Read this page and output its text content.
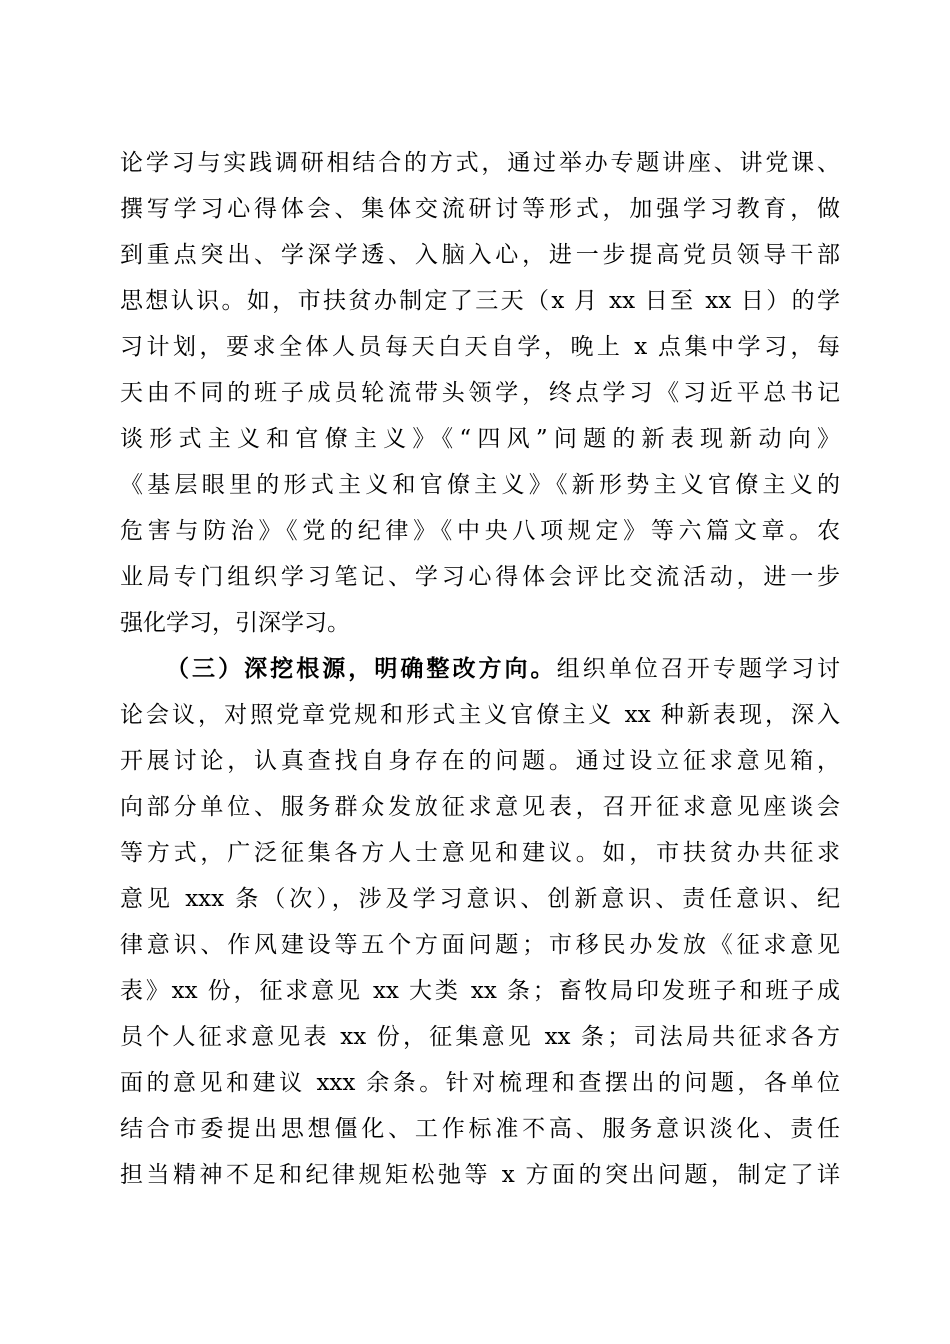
论学习与实践调研相结合的方式，通过举办专题讲座、讲党课、
撰写学习心得体会、集体交流研讨等形式，加强学习教育，做
到重点突出、学深学透、入脑入心，进一步提高党员领导干部
思想认识。如，市扶贫办制定了三天（x 月 xx 日至 xx 日）的学
习计划，要求全体人员每天白天自学，晚上 x 点集中学习，每
天由不同的班子成员轮流带头领学，终点学习《习近平总书记
谈形式主义和官僚主义》《“四风”问题的新表现新动向》
《基层眼里的形式主义和官僚主义》《新形势主义官僚主义的
危害与防治》《党的纪律》《中央八项规定》等六篇文章。农
业局专门组织学习笔记、学习心得体会评比交流活动，进一步
强化学习，引深学习。
（三）深挖根源，明确整改方向。组织单位召开专题学习讨
论会议，对照党章党规和形式主义官僚主义 xx 种新表现，深入
开展讨论，认真查找自身存在的问题。通过设立征求意见箱，
向部分单位、服务群众发放征求意见表，召开征求意见座谈会
等方式，广泛征集各方人士意见和建议。如，市扶贫办共征求
意见 xxx 条（次），涉及学习意识、创新意识、责任意识、纪
律意识、作风建设等五个方面问题；市移民办发放《征求意见
表》xx 份，征求意见 xx 大类 xx 条；畜牧局印发班子和班子成
员个人征求意见表 xx 份，征集意见 xx 条；司法局共征求各方
面的意见和建议 xxx 余条。针对梳理和查摆出的问题，各单位
结合市委提出思想僵化、工作标准不高、服务意识淡化、责任
担当精神不足和纪律规矩松弛等 x 方面的突出问题，制定了详
